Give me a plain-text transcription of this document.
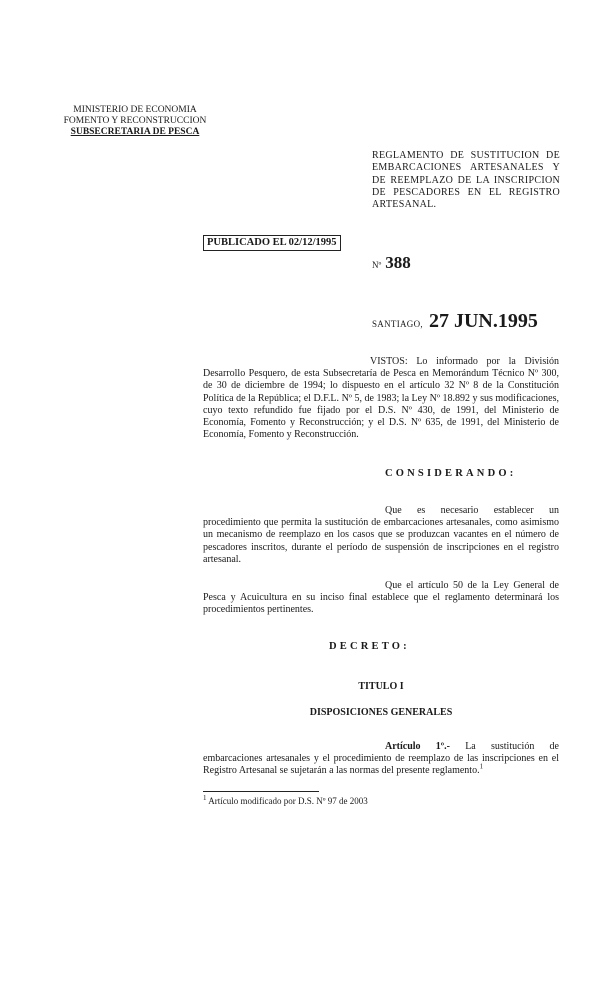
MINISTERIO DE ECONOMIA
FOMENTO Y RECONSTRUCCION
SUBSECRETARIA DE PESCA
REGLAMENTO DE SUSTITUCION DE EMBARCACIONES ARTESANALES Y DE REEMPLAZO DE LA INSCRIPCION DE PESCADORES EN EL REGISTRO ARTESANAL.
PUBLICADO EL 02/12/1995
Nº 388
SANTIAGO, 27 JUN.1995
VISTOS: Lo informado por la División Desarrollo Pesquero, de esta Subsecretaría de Pesca en Memorándum Técnico Nº 300, de 30 de diciembre de 1994; lo dispuesto en el artículo 32 Nº 8 de la Constitución Política de la República; el D.F.L. Nº 5, de 1983; la Ley Nº 18.892 y sus modificaciones, cuyo texto refundido fue fijado por el D.S. Nº 430, de 1991, del Ministerio de Economía, Fomento y Reconstrucción; y el D.S. Nº 635, de 1991, del Ministerio de Economía, Fomento y Reconstrucción.
CONSIDERANDO:
Que es necesario establecer un procedimiento que permita la sustitución de embarcaciones artesanales, como asimismo un mecanismo de reemplazo en los casos que se produzcan vacantes en el número de pescadores inscritos, durante el período de suspensión de inscripciones en el registro artesanal.
Que el artículo 50 de la Ley General de Pesca y Acuicultura en su inciso final establece que el reglamento determinará los procedimientos pertinentes.
DECRETO:
TITULO I
DISPOSICIONES GENERALES
Artículo 1º.- La sustitución de embarcaciones artesanales y el procedimiento de reemplazo de las inscripciones en el Registro Artesanal se sujetarán a las normas del presente reglamento.$^1$
$^1$ Artículo modificado por D.S. Nº 97 de 2003
